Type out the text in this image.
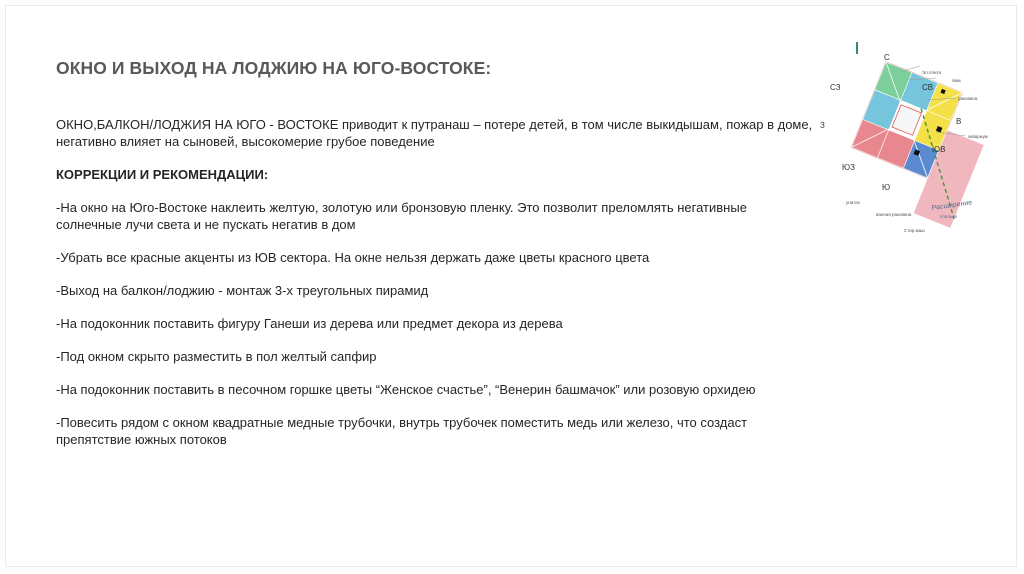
ОКНО И ВЫХОД НА ЛОДЖИЮ НА ЮГО-ВОСТОКЕ:

ОКНО,БАЛКОН/ЛОДЖИЯ НА ЮГО - ВОСТОКЕ приводит к путранаш – потере детей, в том числе выкидышам, пожар в доме, негативно влияет на сыновей, высокомерие грубое поведение

КОРРЕКЦИИ И РЕКОМЕНДАЦИИ:

-На окно на Юго-Востоке наклеить желтую, золотую или бронзовую пленку. Это позволит преломлять негативные солнечные лучи света и не пускать негатив в дом

-Убрать все красные акценты из ЮВ сектора. На окне нельзя держать даже цветы красного цвета

-Выход на балкон/лоджию - монтаж 3-х треугольных пирамид

-На подоконник поставить фигуру Ганеши из дерева или предмет декора из дерева

-Под окном скрыто разместить в пол желтый сапфир

-На подоконник поставить в песочном горшке цветы “Женское счастье”, “Венерин башмачок” или розовую орхидею

-Повесить рядом с окном квадратные медные трубочки, внутрь трубочек поместить медь или железо, что создаст препятствие южных потоков

С
СЗ	СВ
В
ЮВ
З
ЮЗ
Ю
Эл.плита
пмм
раковина
аквариум
унитаз
ванная раковина
Стир.маш
Расширение
спальня
